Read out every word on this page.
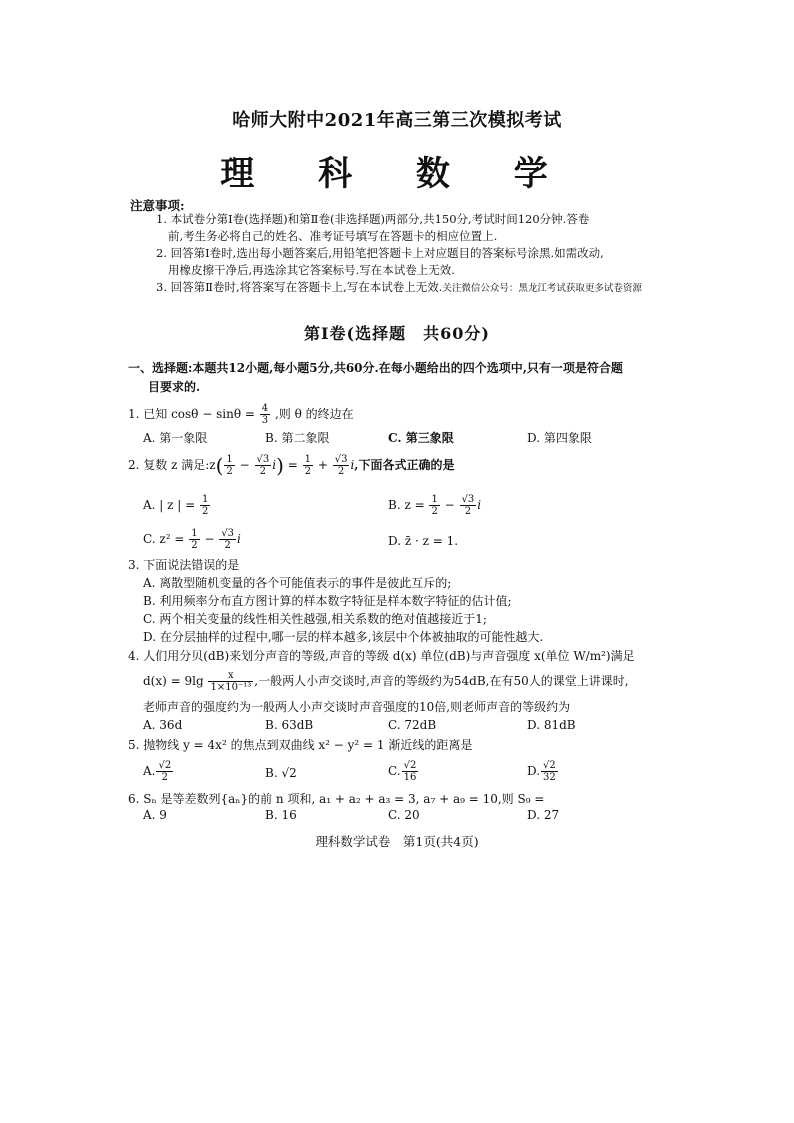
哈师大附中2021年高三第三次模拟考试
理 科 数 学
注意事项:
1. 本试卷分第Ⅰ卷(选择题)和第Ⅱ卷(非选择题)两部分,共150分,考试时间120分钟.答卷
前,考生务必将自己的姓名、准考证号填写在答题卡的相应位置上.
2. 回答第Ⅰ卷时,选出每小题答案后,用铅笔把答题卡上对应题目的答案标号涂黑.如需改动,
用橡皮擦干净后,再选涂其它答案标号.写在本试卷上无效.
3. 回答第Ⅱ卷时,将答案写在答题卡上,写在本试卷上无效.关注微信公众号：黑龙江考试获取更多试卷资源
第Ⅰ卷(选择题　共60分)
一、选择题:本题共12小题,每小题5分,共60分.在每小题给出的四个选项中,只有一项是符合题
目要求的.
1. 已知 $\cos\theta - \sin\theta = \frac{4}{3}$ ,则 θ 的终边在
A. 第一象限	B. 第二象限	C. 第三象限	D. 第四象限
2. 复数 z 满足:z( $\frac{1}{2} - \frac{√3}{2} i) = \frac{1}{2} + \frac{√3}{2} i$,下面各式正确的是
A. | z | = $\frac{1}{2}$	B. $z = \frac{1}{2} - \frac{√3}{2}$ i
C. $z^2 = \frac{1}{2} - \frac{√3}{2}$ i	D. z̄ · z = 1.
3. 下面说法错误的是
A. 离散型随机变量的各个可能值表示的事件是彼此互斥的;
B. 利用频率分布直方图计算的样本数字特征是样本数字特征的估计值;
C. 两个相关变量的线性相关性越强,相关系数的绝对值越接近于1;
D. 在分层抽样的过程中,哪一层的样本越多,该层中个体被抽取的可能性越大.
4. 人们用分贝(dB)来划分声音的等级,声音的等级 d(x) 单位(dB)与声音强度 x(单位 W/m²)满足
$d(x) = 9\lg \frac{x}{\text{1×10⁻¹³}}$ ,一般两人小声交谈时,声音的等级约为54dB,在有50人的课堂上讲课时,
老师声音的强度约为一般两人小声交谈时声音强度的10倍,则老师声音的等级约为
A. 36d	B. 63dB	C. 72dB	D. 81dB
5. 抛物线 y = 4x² 的焦点到双曲线 x² − y² = 1 渐近线的距离是
A. $\frac{√2}{2}$	B. √2	C. $\frac{√2}{16}$	D. $\frac{√2}{32}$
6. Sₙ 是等差数列{aₙ}的前 n 项和, a₁ + a₂ + a₃ = 3, a₇ + a₉ = 10,则 S₉ =
A. 9	B. 16	C. 20	D. 27
理科数学试卷　第1页(共4页)
